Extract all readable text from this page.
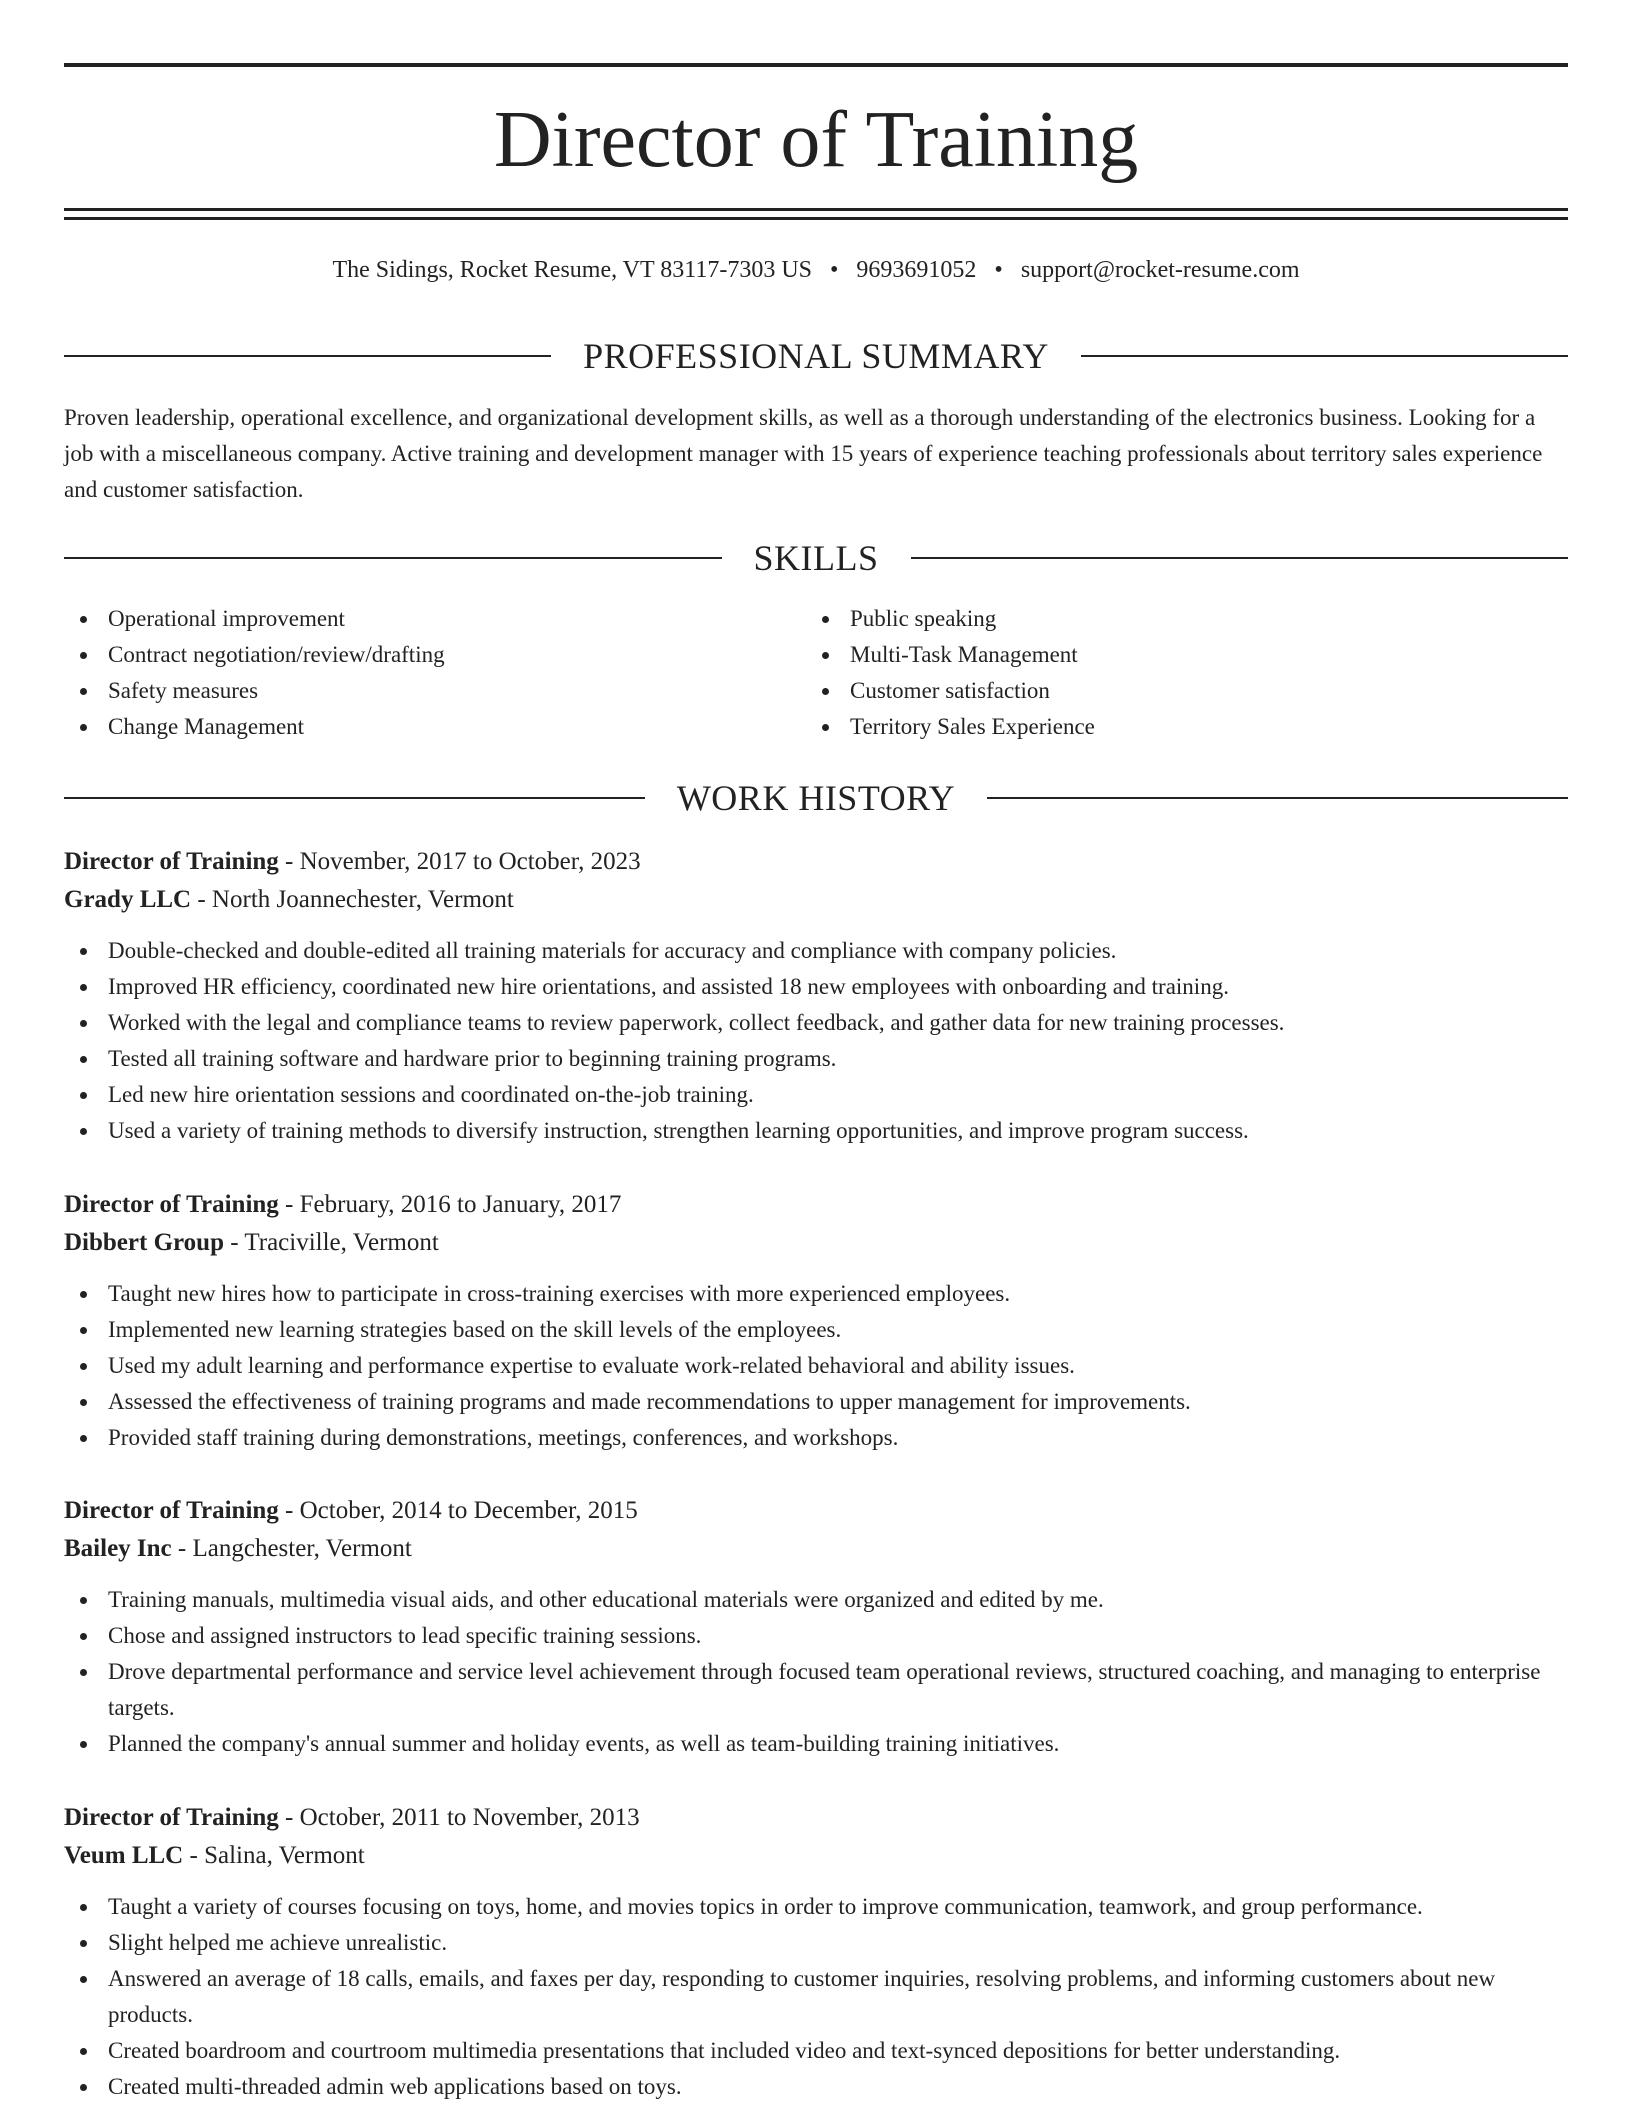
Director of Training
The Sidings, Rocket Resume, VT 83117-7303 US • 9693691052 • support@rocket-resume.com
PROFESSIONAL SUMMARY

Proven leadership, operational excellence, and organizational development skills, as well as a thorough understanding of the electronics business. Looking for a job with a miscellaneous company. Active training and development manager with 15 years of experience teaching professionals about territory sales experience and customer satisfaction.

SKILLS
Operational improvement
Contract negotiation/review/drafting
Safety measures
Change Management
Public speaking
Multi-Task Management
Customer satisfaction
Territory Sales Experience
WORK HISTORY
Director of Training - November, 2017 to October, 2023
Grady LLC - North Joannechester, Vermont
Double-checked and double-edited all training materials for accuracy and compliance with company policies.
Improved HR efficiency, coordinated new hire orientations, and assisted 18 new employees with onboarding and training.
Worked with the legal and compliance teams to review paperwork, collect feedback, and gather data for new training processes.
Tested all training software and hardware prior to beginning training programs.
Led new hire orientation sessions and coordinated on-the-job training.
Used a variety of training methods to diversify instruction, strengthen learning opportunities, and improve program success.
Director of Training - February, 2016 to January, 2017
Dibbert Group - Traciville, Vermont
Taught new hires how to participate in cross-training exercises with more experienced employees.
Implemented new learning strategies based on the skill levels of the employees.
Used my adult learning and performance expertise to evaluate work-related behavioral and ability issues.
Assessed the effectiveness of training programs and made recommendations to upper management for improvements.
Provided staff training during demonstrations, meetings, conferences, and workshops.
Director of Training - October, 2014 to December, 2015
Bailey Inc - Langchester, Vermont
Training manuals, multimedia visual aids, and other educational materials were organized and edited by me.
Chose and assigned instructors to lead specific training sessions.
Drove departmental performance and service level achievement through focused team operational reviews, structured coaching, and managing to enterprise targets.
Planned the company's annual summer and holiday events, as well as team-building training initiatives.
Director of Training - October, 2011 to November, 2013
Veum LLC - Salina, Vermont
Taught a variety of courses focusing on toys, home, and movies topics in order to improve communication, teamwork, and group performance.
Slight helped me achieve unrealistic.
Answered an average of 18 calls, emails, and faxes per day, responding to customer inquiries, resolving problems, and informing customers about new products.
Created boardroom and courtroom multimedia presentations that included video and text-synced depositions for better understanding.
Created multi-threaded admin web applications based on toys.
